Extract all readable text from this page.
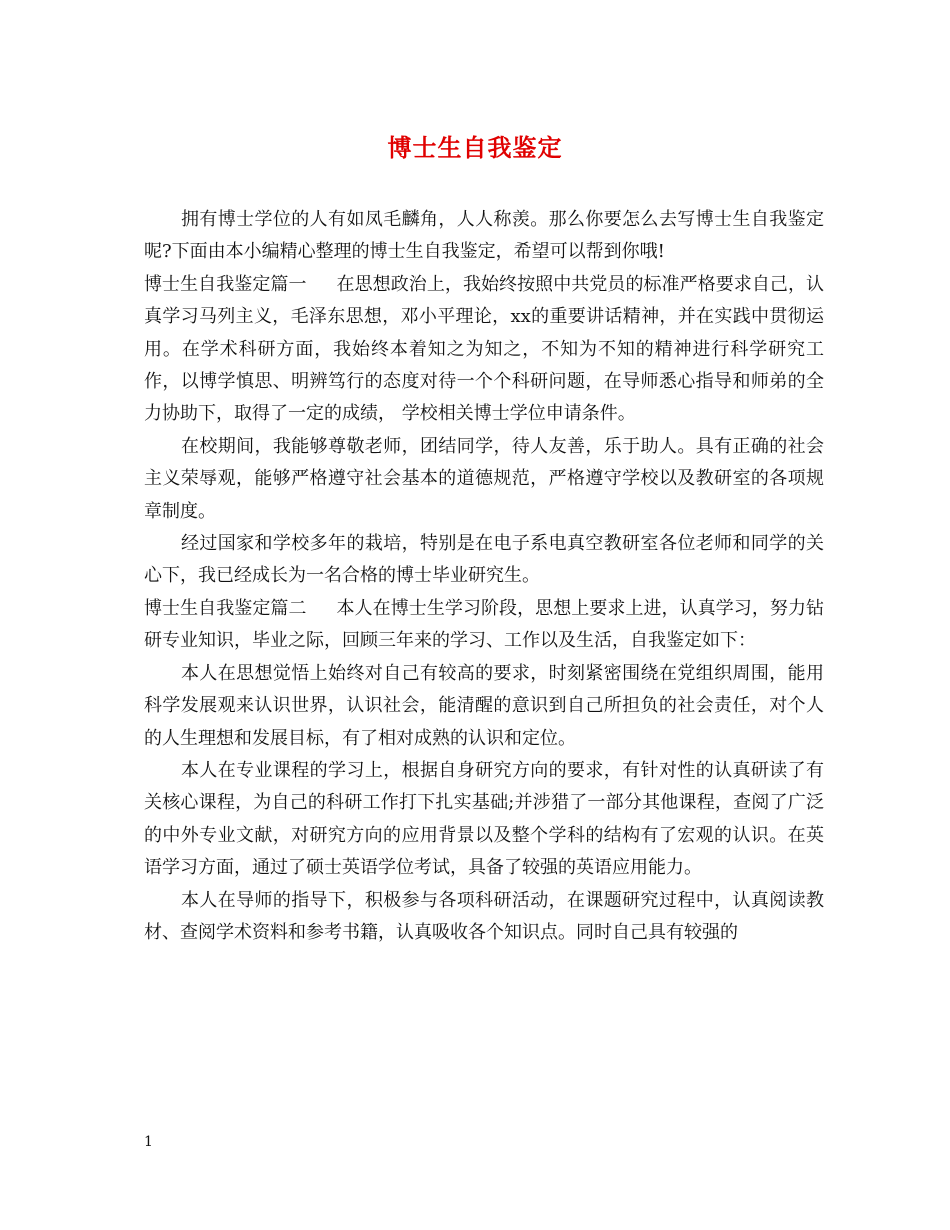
博士生自我鉴定

拥有博士学位的人有如凤毛麟角，人人称羡。那么你要怎么去写博士生自我鉴定呢?下面由本小编精心整理的博士生自我鉴定，希望可以帮到你哦!

博士生自我鉴定篇一 在思想政治上，我始终按照中共党员的标准严格要求自己，认真学习马列主义，毛泽东思想，邓小平理论，xx的重要讲话精神，并在实践中贯彻运用。在学术科研方面，我始终本着知之为知之，不知为不知的精神进行科学研究工作，以博学慎思、明辨笃行的态度对待一个个科研问题，在导师悉心指导和师弟的全力协助下，取得了一定的成绩， 学校相关博士学位申请条件。

在校期间，我能够尊敬老师，团结同学，待人友善，乐于助人。具有正确的社会主义荣辱观，能够严格遵守社会基本的道德规范，严格遵守学校以及教研室的各项规章制度。

经过国家和学校多年的栽培，特别是在电子系电真空教研室各位老师和同学的关心下，我已经成长为一名合格的博士毕业研究生。

博士生自我鉴定篇二 本人在博士生学习阶段，思想上要求上进，认真学习，努力钻研专业知识，毕业之际，回顾三年来的学习、工作以及生活，自我鉴定如下：

本人在思想觉悟上始终对自己有较高的要求，时刻紧密围绕在党组织周围，能用科学发展观来认识世界，认识社会，能清醒的意识到自己所担负的社会责任，对个人的人生理想和发展目标，有了相对成熟的认识和定位。

本人在专业课程的学习上，根据自身研究方向的要求，有针对性的认真研读了有关核心课程，为自己的科研工作打下扎实基础;并涉猎了一部分其他课程，查阅了广泛的中外专业文献，对研究方向的应用背景以及整个学科的结构有了宏观的认识。在英语学习方面，通过了硕士英语学位考试，具备了较强的英语应用能力。

本人在导师的指导下，积极参与各项科研活动，在课题研究过程中，认真阅读教材、查阅学术资料和参考书籍，认真吸收各个知识点。同时自己具有较强的

1
